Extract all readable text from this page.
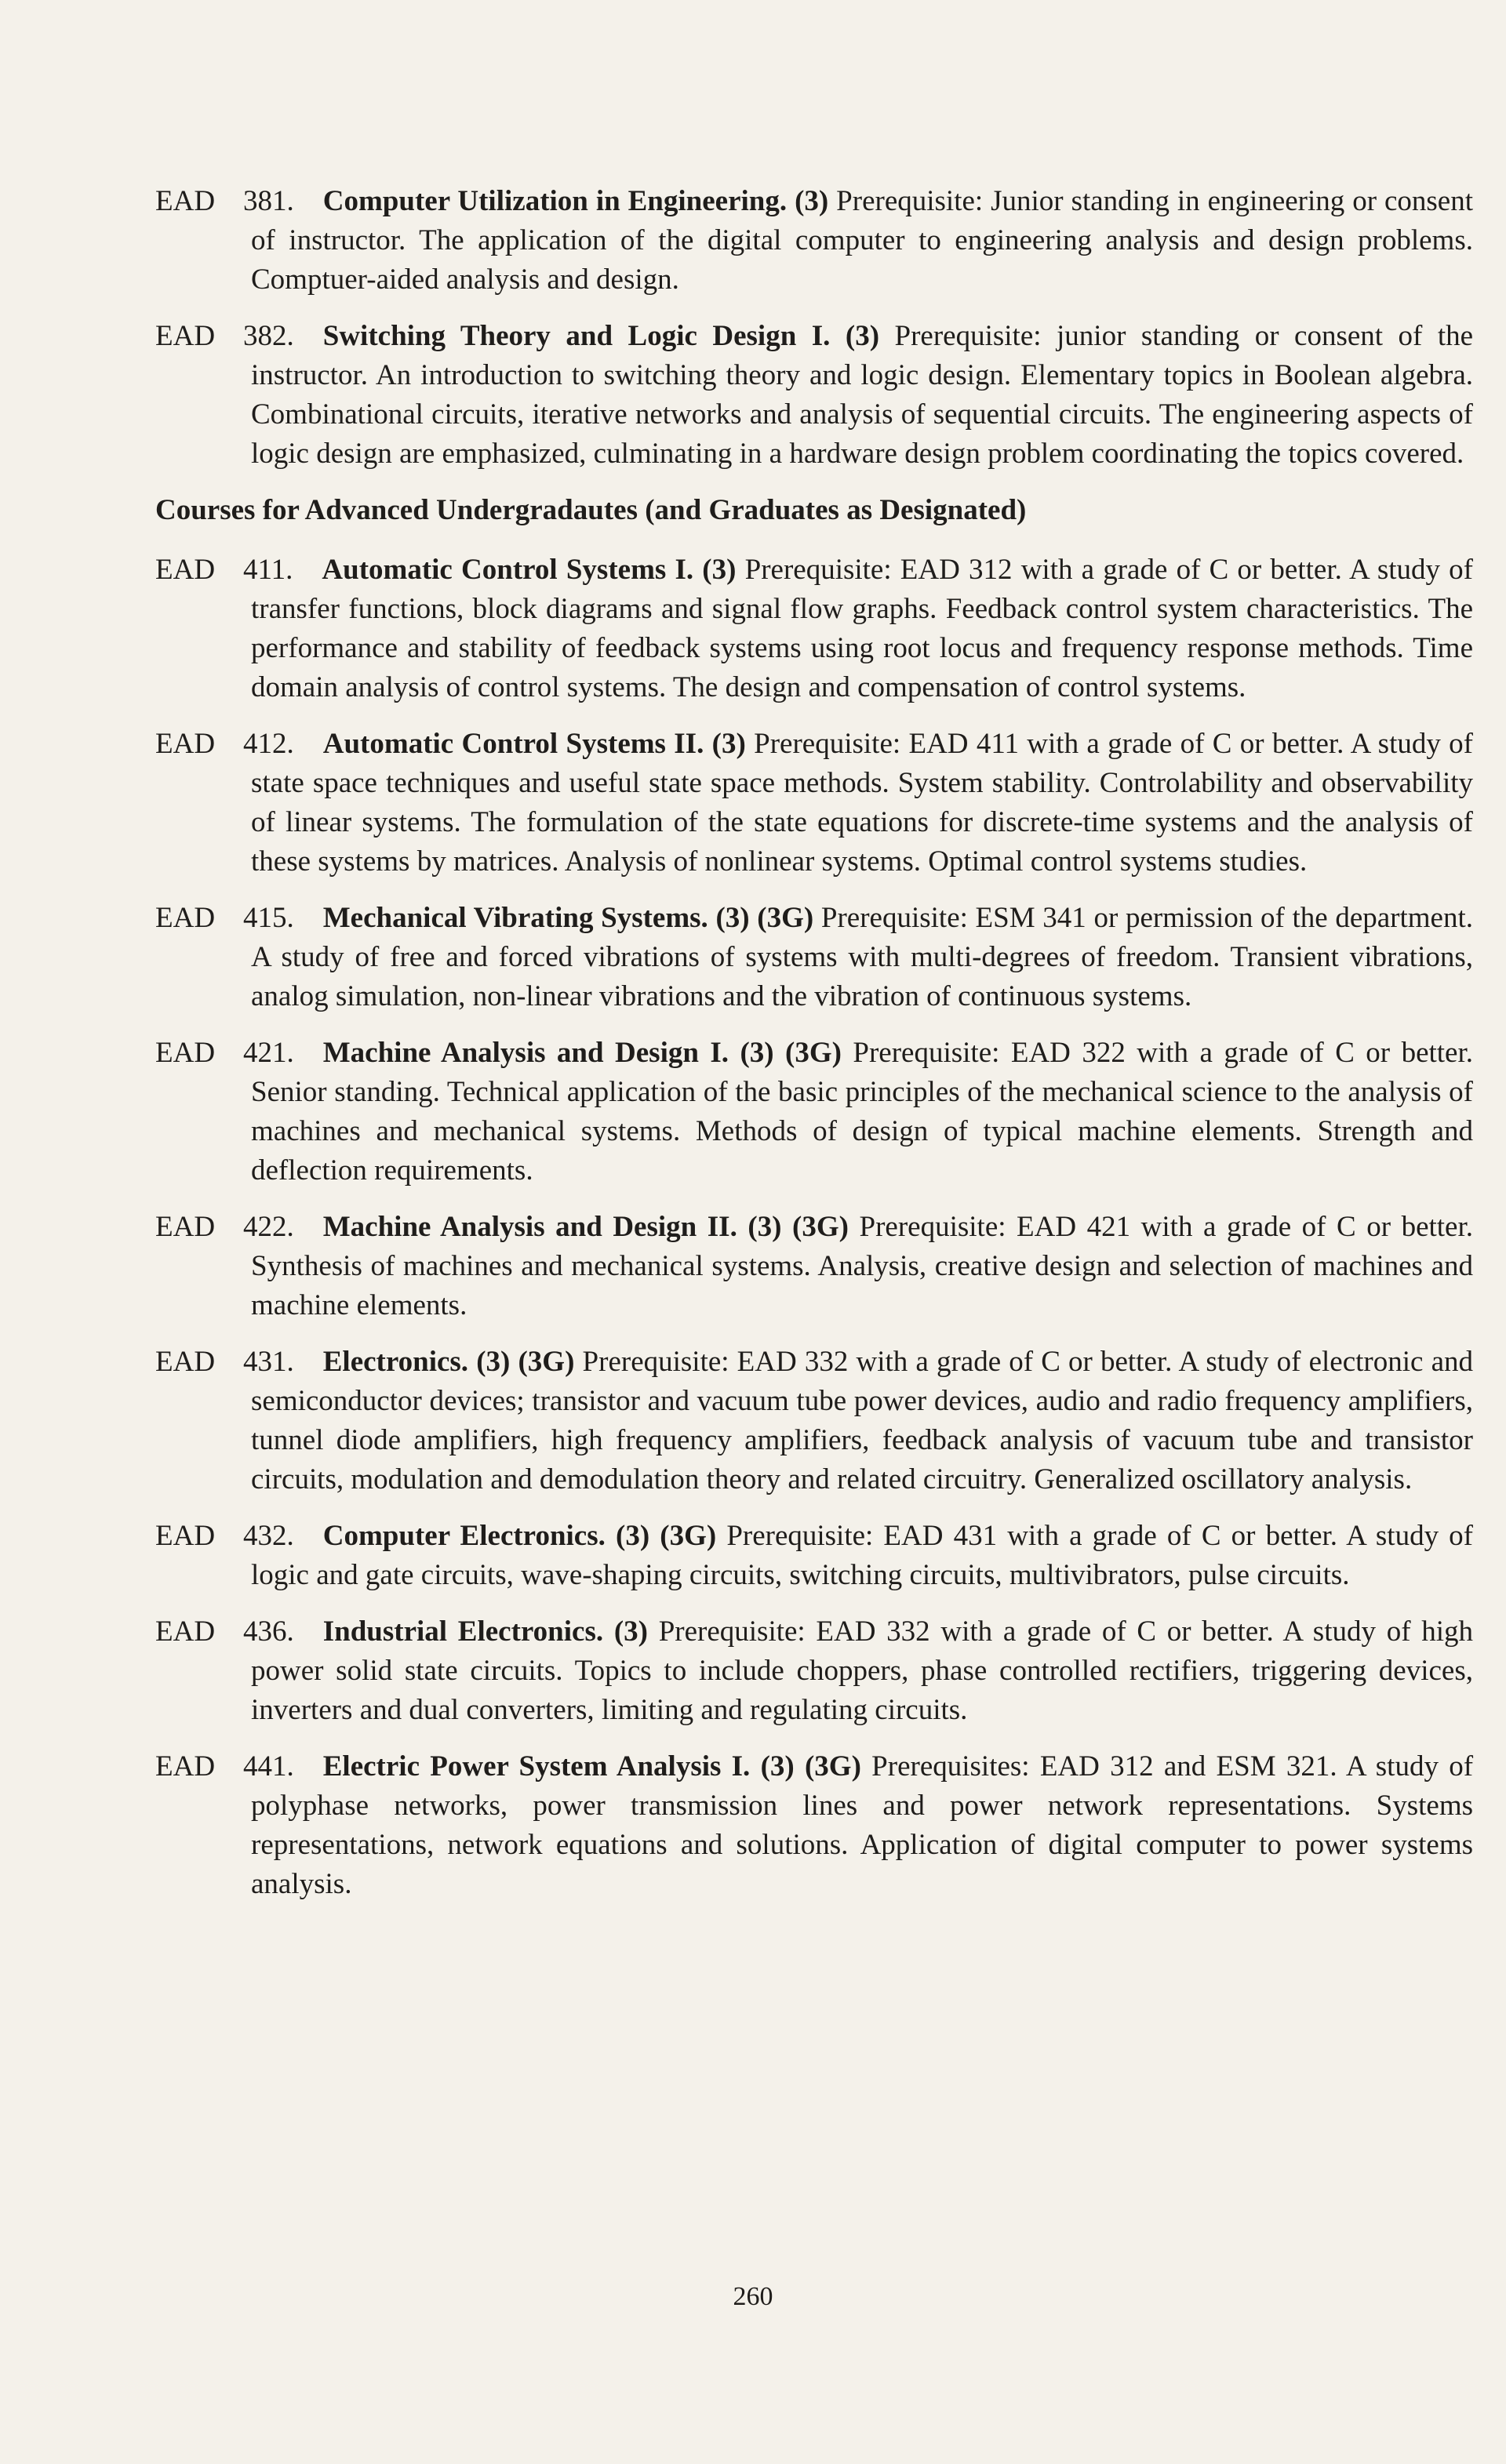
EAD 381.  Computer Utilization in Engineering. (3) Prerequisite: Junior standing in engineering or consent of instructor. The application of the digital computer to engineering analysis and design problems. Comptuer-aided analysis and design.
EAD 382.  Switching Theory and Logic Design I. (3) Prerequisite: junior standing or consent of the instructor. An introduction to switching theory and logic design. Elementary topics in Boolean algebra. Combinational circuits, iterative networks and analysis of sequential circuits. The engineering aspects of logic design are emphasized, culminating in a hardware design problem coordinating the topics covered.
Courses for Advanced Undergradautes (and Graduates as Designated)
EAD 411.  Automatic Control Systems I. (3) Prerequisite: EAD 312 with a grade of C or better. A study of transfer functions, block diagrams and signal flow graphs. Feedback control system characteristics. The performance and stability of feedback systems using root locus and frequency response methods. Time domain analysis of control systems. The design and compensation of control systems.
EAD 412.  Automatic Control Systems II. (3) Prerequisite: EAD 411 with a grade of C or better. A study of state space techniques and useful state space methods. System stability. Controlability and observability of linear systems. The formulation of the state equations for discrete-time systems and the analysis of these systems by matrices. Analysis of nonlinear systems. Optimal control systems studies.
EAD 415.  Mechanical Vibrating Systems. (3) (3G) Prerequisite: ESM 341 or permission of the department. A study of free and forced vibrations of systems with multi-degrees of freedom. Transient vibrations, analog simulation, non-linear vibrations and the vibration of continuous systems.
EAD 421.  Machine Analysis and Design I. (3) (3G) Prerequisite: EAD 322 with a grade of C or better. Senior standing. Technical application of the basic principles of the mechanical science to the analysis of machines and mechanical systems. Methods of design of typical machine elements. Strength and deflection requirements.
EAD 422.  Machine Analysis and Design II. (3) (3G) Prerequisite: EAD 421 with a grade of C or better. Synthesis of machines and mechanical systems. Analysis, creative design and selection of machines and machine elements.
EAD 431.  Electronics. (3) (3G) Prerequisite: EAD 332 with a grade of C or better. A study of electronic and semiconductor devices; transistor and vacuum tube power devices, audio and radio frequency amplifiers, tunnel diode amplifiers, high frequency amplifiers, feedback analysis of vacuum tube and transistor circuits, modulation and demodulation theory and related circuitry. Generalized oscillatory analysis.
EAD 432.  Computer Electronics. (3) (3G) Prerequisite: EAD 431 with a grade of C or better. A study of logic and gate circuits, wave-shaping circuits, switching circuits, multivibrators, pulse circuits.
EAD 436.  Industrial Electronics. (3) Prerequisite: EAD 332 with a grade of C or better. A study of high power solid state circuits. Topics to include choppers, phase controlled rectifiers, triggering devices, inverters and dual converters, limiting and regulating circuits.
EAD 441.  Electric Power System Analysis I. (3) (3G) Prerequisites: EAD 312 and ESM 321. A study of polyphase networks, power transmission lines and power network representations. Systems representations, network equations and solutions. Application of digital computer to power systems analysis.
260
